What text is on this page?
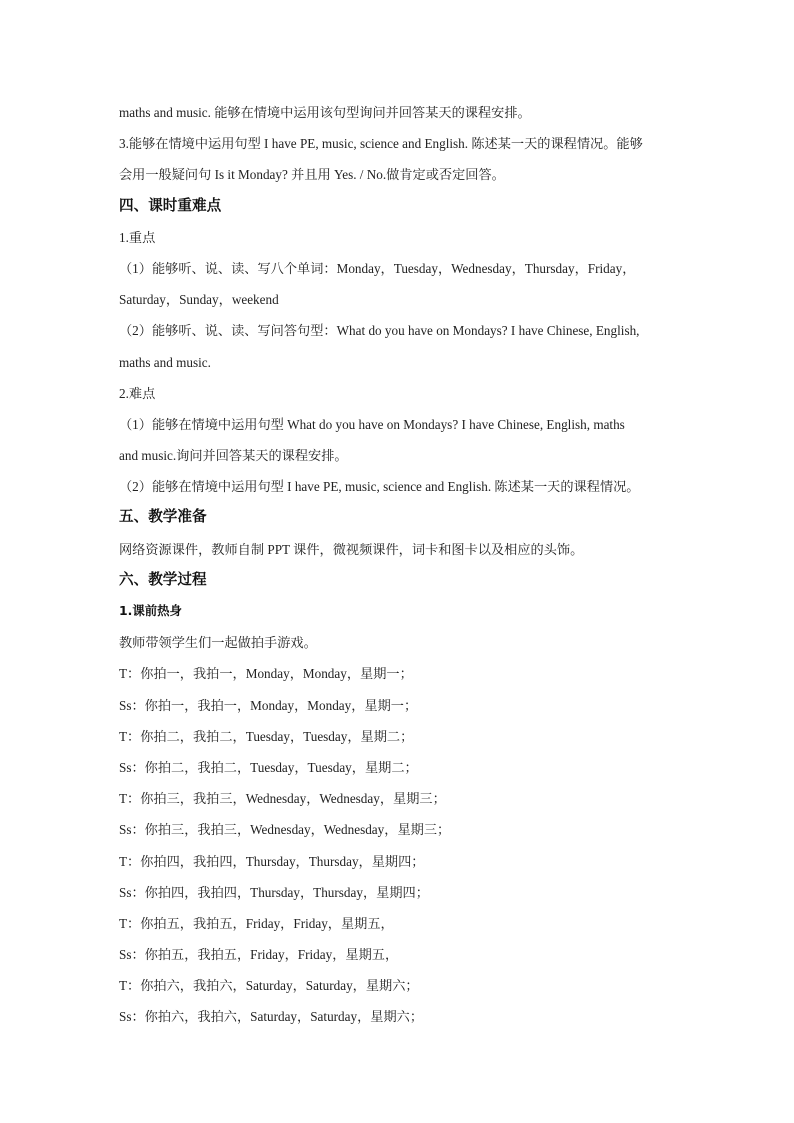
maths and music. 能够在情境中运用该句型询问并回答某天的课程安排。
3.能够在情境中运用句型 I have PE, music, science and English. 陈述某一天的课程情况。能够
会用一般疑问句 Is it Monday? 并且用 Yes. / No.做肯定或否定回答。
四、课时重难点
1.重点
（1）能够听、说、读、写八个单词：Monday，Tuesday，Wednesday，Thursday，Friday，
Saturday，Sunday，weekend
（2）能够听、说、读、写问答句型：What do you have on Mondays? I have Chinese, English,
maths and music.
2.难点
（1）能够在情境中运用句型 What do you have on Mondays? I have Chinese, English, maths
and music.询问并回答某天的课程安排。
（2）能够在情境中运用句型 I have PE, music, science and English. 陈述某一天的课程情况。
五、教学准备
网络资源课件，教师自制 PPT 课件，微视频课件，词卡和图卡以及相应的头饰。
六、教学过程
1.课前热身
教师带领学生们一起做拍手游戏。
T：你拍一，我拍一，Monday，Monday，星期一；
Ss：你拍一，我拍一，Monday，Monday，星期一；
T：你拍二，我拍二，Tuesday，Tuesday，星期二；
Ss：你拍二，我拍二，Tuesday，Tuesday，星期二；
T：你拍三，我拍三，Wednesday，Wednesday，星期三；
Ss：你拍三，我拍三，Wednesday，Wednesday，星期三；
T：你拍四，我拍四，Thursday，Thursday，星期四；
Ss：你拍四，我拍四，Thursday，Thursday，星期四；
T：你拍五，我拍五，Friday，Friday，星期五，
Ss：你拍五，我拍五，Friday，Friday，星期五，
T：你拍六，我拍六，Saturday，Saturday，星期六；
Ss：你拍六，我拍六，Saturday，Saturday，星期六；
